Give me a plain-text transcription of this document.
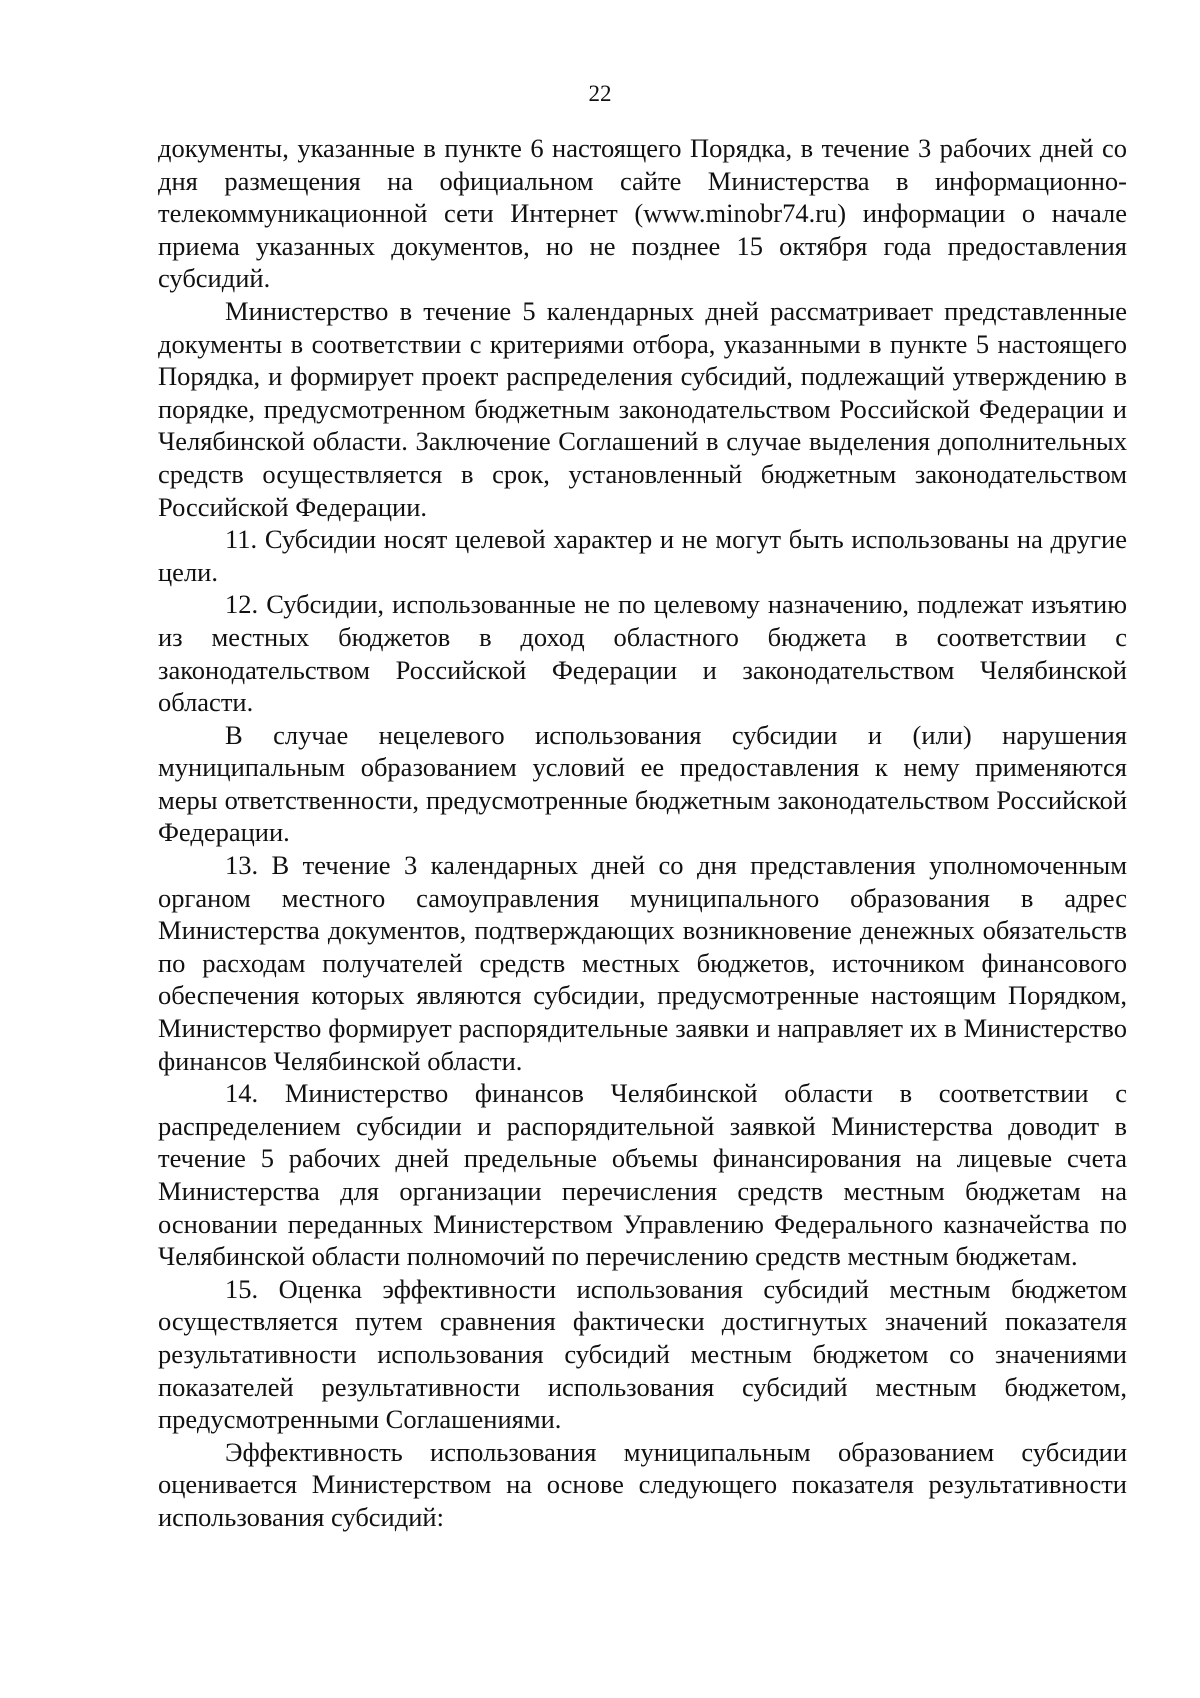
22

документы, указанные в пункте 6 настоящего Порядка, в течение 3 рабочих дней со дня размещения на официальном сайте Министерства в информационно-телекоммуникационной сети Интернет (www.minobr74.ru) информации о начале приема указанных документов, но не позднее 15 октября года предоставления субсидий.

Министерство в течение 5 календарных дней рассматривает представленные документы в соответствии с критериями отбора, указанными в пункте 5 настоящего Порядка, и формирует проект распределения субсидий, подлежащий утверждению в порядке, предусмотренном бюджетным законодательством Российской Федерации и Челябинской области. Заключение Соглашений в случае выделения дополнительных средств осуществляется в срок, установленный бюджетным законодательством Российской Федерации.

11. Субсидии носят целевой характер и не могут быть использованы на другие цели.

12. Субсидии, использованные не по целевому назначению, подлежат изъятию из местных бюджетов в доход областного бюджета в соответствии с законодательством Российской Федерации и законодательством Челябинской области.

В случае нецелевого использования субсидии и (или) нарушения муниципальным образованием условий ее предоставления к нему применяются меры ответственности, предусмотренные бюджетным законодательством Российской Федерации.

13. В течение 3 календарных дней со дня представления уполномоченным органом местного самоуправления муниципального образования в адрес Министерства документов, подтверждающих возникновение денежных обязательств по расходам получателей средств местных бюджетов, источником финансового обеспечения которых являются субсидии, предусмотренные настоящим Порядком, Министерство формирует распорядительные заявки и направляет их в Министерство финансов Челябинской области.

14. Министерство финансов Челябинской области в соответствии с распределением субсидии и распорядительной заявкой Министерства доводит в течение 5 рабочих дней предельные объемы финансирования на лицевые счета Министерства для организации перечисления средств местным бюджетам на основании переданных Министерством Управлению Федерального казначейства по Челябинской области полномочий по перечислению средств местным бюджетам.

15. Оценка эффективности использования субсидий местным бюджетом осуществляется путем сравнения фактически достигнутых значений показателя результативности использования субсидий местным бюджетом со значениями показателей результативности использования субсидий местным бюджетом, предусмотренными Соглашениями.

Эффективность использования муниципальным образованием субсидии оценивается Министерством на основе следующего показателя результативности использования субсидий:
